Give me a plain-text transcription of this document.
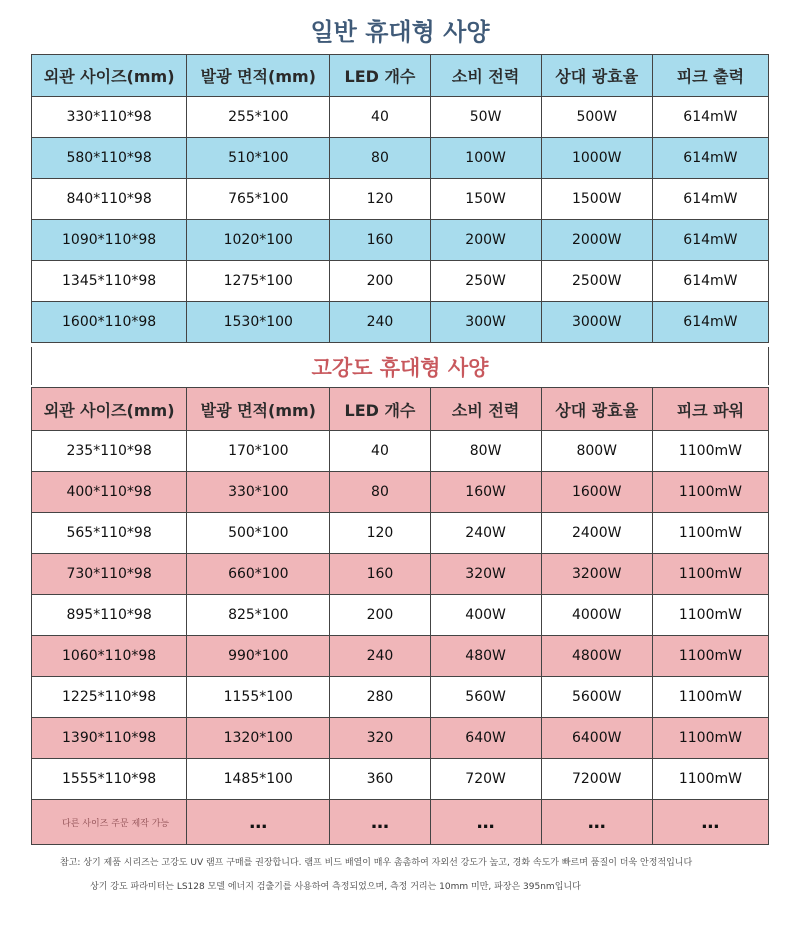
일반 휴대형 사양
외관 사이즈(mm)	발광 면적(mm)	LED 개수	소비 전력	상대 광효율	피크 출력
330*110*98	255*100	40	50W	500W	614mW
580*110*98	510*100	80	100W	1000W	614mW
840*110*98	765*100	120	150W	1500W	614mW
1090*110*98	1020*100	160	200W	2000W	614mW
1345*110*98	1275*100	200	250W	2500W	614mW
1600*110*98	1530*100	240	300W	3000W	614mW
고강도 휴대형 사양
외관 사이즈(mm)	발광 면적(mm)	LED 개수	소비 전력	상대 광효율	피크 파워
235*110*98	170*100	40	80W	800W	1100mW
400*110*98	330*100	80	160W	1600W	1100mW
565*110*98	500*100	120	240W	2400W	1100mW
730*110*98	660*100	160	320W	3200W	1100mW
895*110*98	825*100	200	400W	4000W	1100mW
1060*110*98	990*100	240	480W	4800W	1100mW
1225*110*98	1155*100	280	560W	5600W	1100mW
1390*110*98	1320*100	320	640W	6400W	1100mW
1555*110*98	1485*100	360	720W	7200W	1100mW
다른 사이즈 주문 제작 가능	…	…	…	…	…
참고: 상기 제품 시리즈는 고강도 UV 램프 구매를 권장합니다. 램프 비드 배열이 매우 촘촘하여 자외선 강도가 높고, 경화 속도가 빠르며 품질이 더욱 안정적입니다
상기 강도 파라미터는 LS128 모델 에너지 검출기를 사용하여 측정되었으며, 측정 거리는 10mm 미만, 파장은 395nm입니다
